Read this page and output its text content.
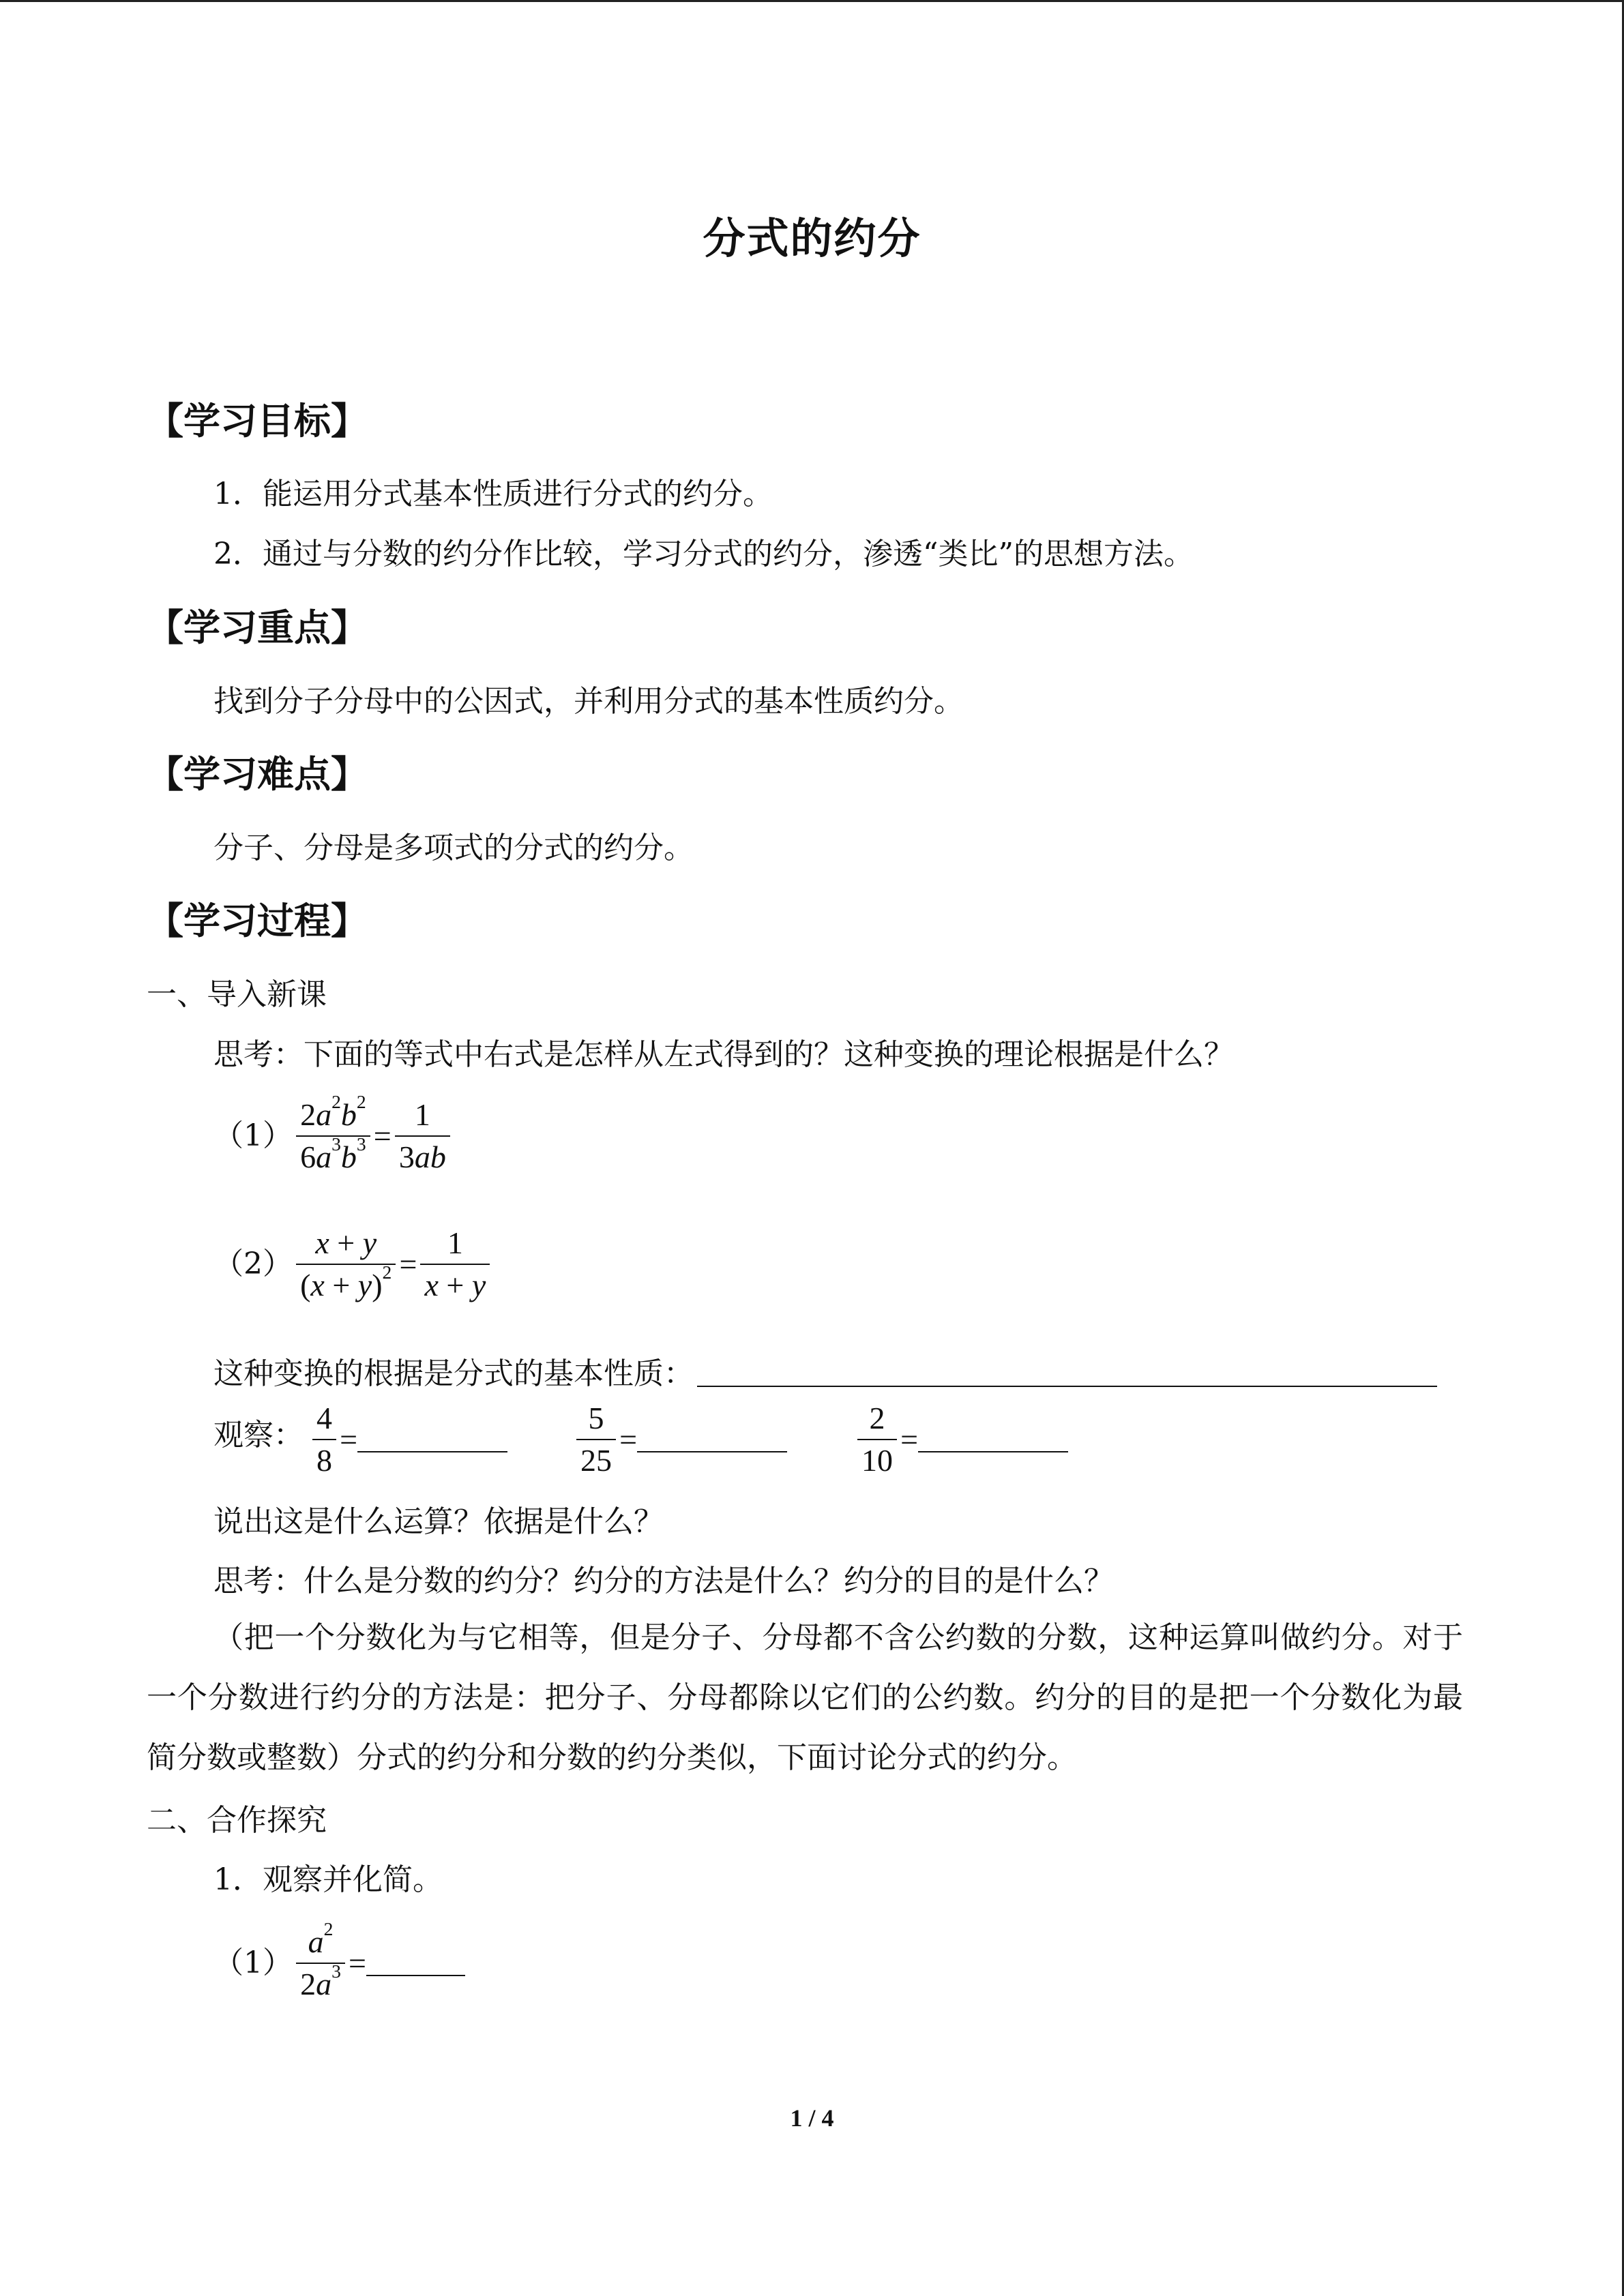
分式的约分
【学习目标】
1．能运用分式基本性质进行分式的约分。
2．通过与分数的约分作比较，学习分式的约分，渗透“类比”的思想方法。
【学习重点】
找到分子分母中的公因式，并利用分式的基本性质约分。
【学习难点】
分子、分母是多项式的分式的约分。
【学习过程】
一、导入新课
思考：下面的等式中右式是怎样从左式得到的？这种变换的理论根据是什么？
$(1) \frac{2a^2b^2}{6a^3b^3} = \frac{1}{3ab}$
$(2) \frac{x + y}{(x + y)^2} = \frac{1}{x + y}$
这种变换的根据是分式的基本性质：
观察： $\frac{4}{8}$ =	$\frac{5}{25}$ =	$\frac{2}{10}$ =
说出这是什么运算？依据是什么？
思考：什么是分数的约分？约分的方法是什么？约分的目的是什么？
（把一个分数化为与它相等，但是分子、分母都不含公约数的分数，这种运算叫做约分。对于一个分数进行约分的方法是：把分子、分母都除以它们的公约数。约分的目的是把一个分数化为最简分数或整数）分式的约分和分数的约分类似，下面讨论分式的约分。
二、合作探究
1．观察并化简。
$(1) \frac{a^2}{2a^3}$ =
1 / 4
